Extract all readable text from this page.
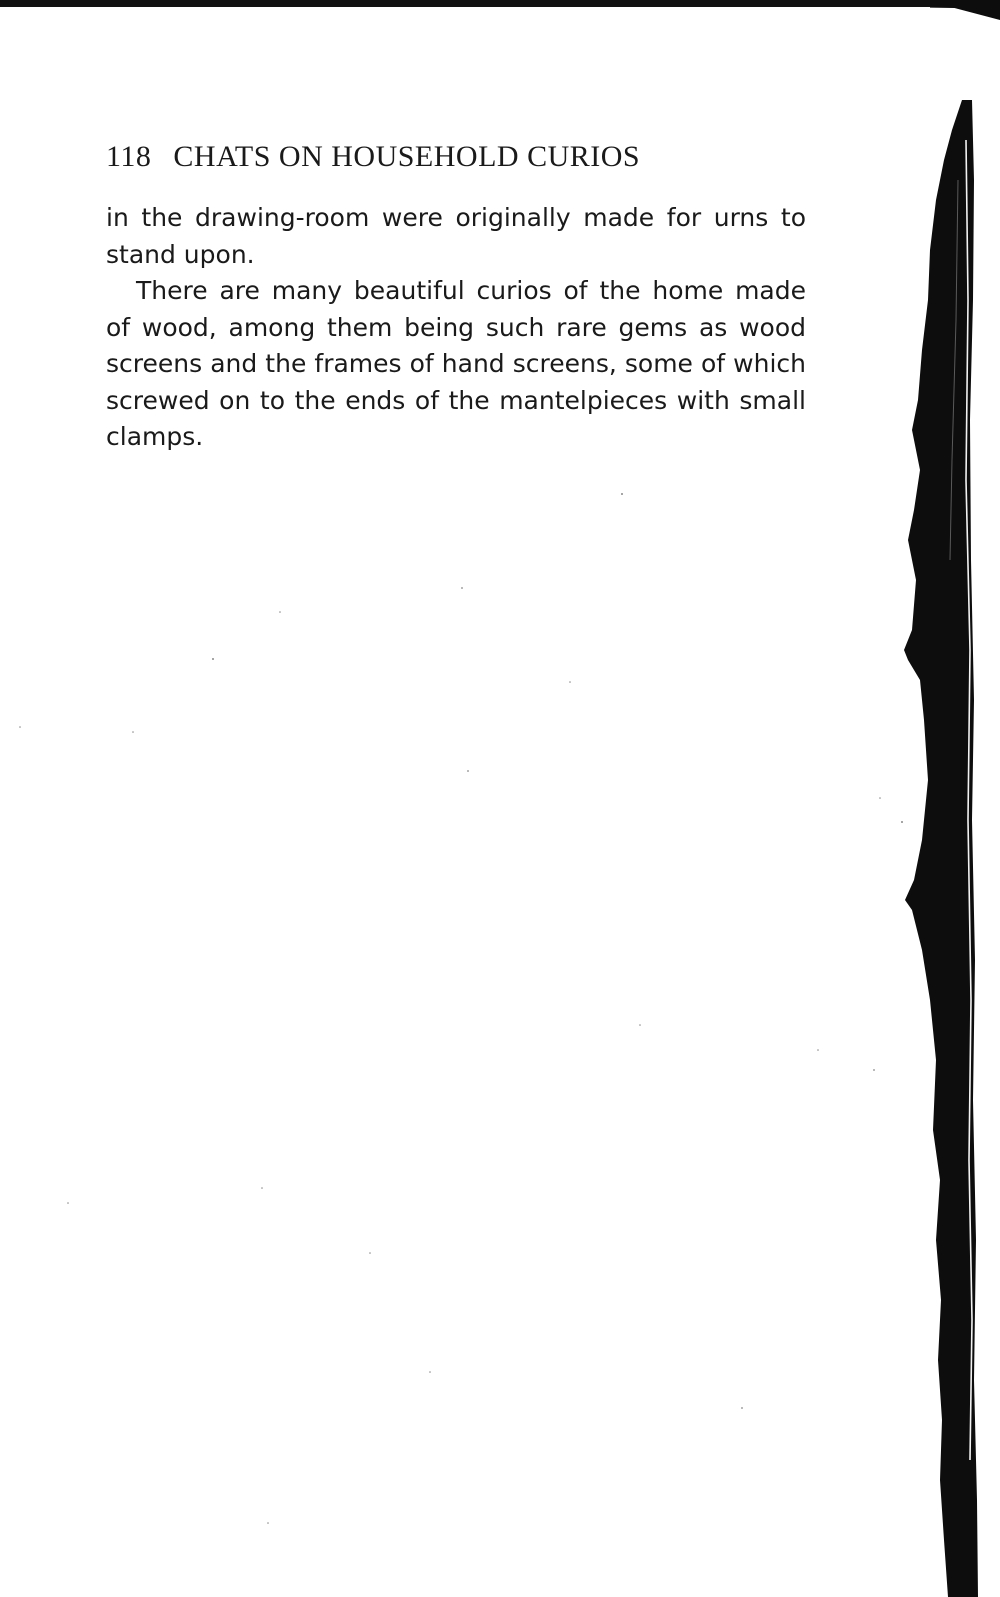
118 CHATS ON HOUSEHOLD CURIOS

in the drawing-room were originally made for urns to stand upon.

There are many beautiful curios of the home made of wood, among them being such rare gems as wood screens and the frames of hand screens, some of which screwed on to the ends of the mantelpieces with small clamps.
